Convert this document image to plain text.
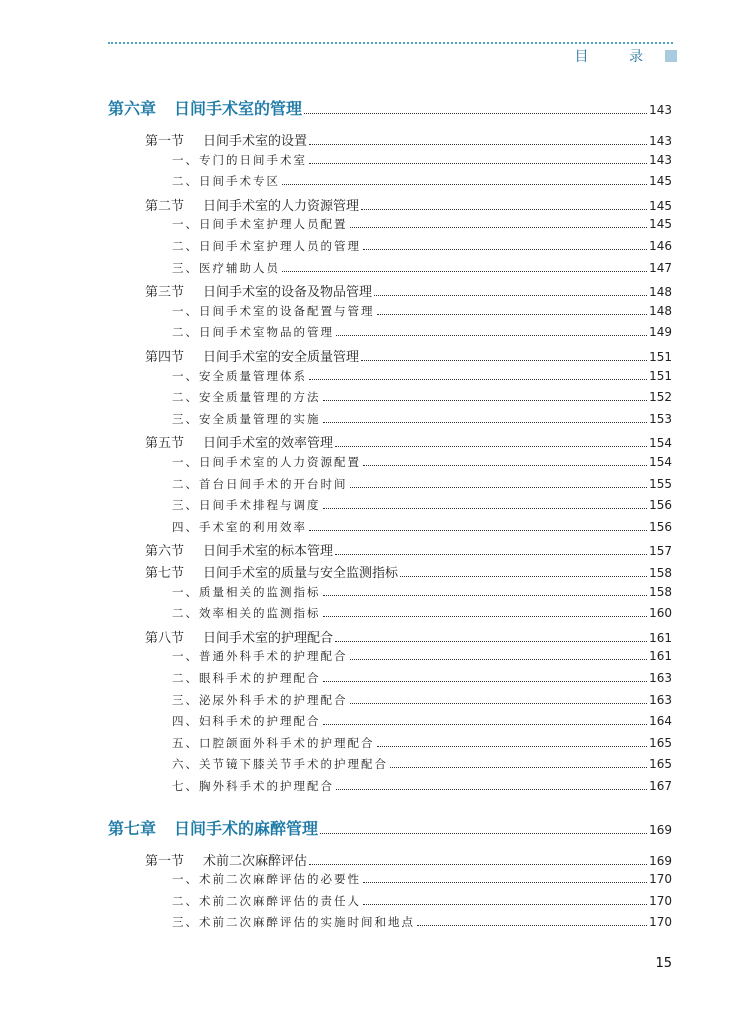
目 录
第六章 日间手术室的管理	143
第一节 日间手术室的设置	143
一、专门的日间手术室	143
二、日间手术专区	145
第二节 日间手术室的人力资源管理	145
一、日间手术室护理人员配置	145
二、日间手术室护理人员的管理	146
三、医疗辅助人员	147
第三节 日间手术室的设备及物品管理	148
一、日间手术室的设备配置与管理	148
二、日间手术室物品的管理	149
第四节 日间手术室的安全质量管理	151
一、安全质量管理体系	151
二、安全质量管理的方法	152
三、安全质量管理的实施	153
第五节 日间手术室的效率管理	154
一、日间手术室的人力资源配置	154
二、首台日间手术的开台时间	155
三、日间手术排程与调度	156
四、手术室的利用效率	156
第六节 日间手术室的标本管理	157
第七节 日间手术室的质量与安全监测指标	158
一、质量相关的监测指标	158
二、效率相关的监测指标	160
第八节 日间手术室的护理配合	161
一、普通外科手术的护理配合	161
二、眼科手术的护理配合	163
三、泌尿外科手术的护理配合	163
四、妇科手术的护理配合	164
五、口腔颌面外科手术的护理配合	165
六、关节镜下膝关节手术的护理配合	165
七、胸外科手术的护理配合	167
第七章 日间手术的麻醉管理	169
第一节 术前二次麻醉评估	169
一、术前二次麻醉评估的必要性	170
二、术前二次麻醉评估的责任人	170
三、术前二次麻醉评估的实施时间和地点	170
15
